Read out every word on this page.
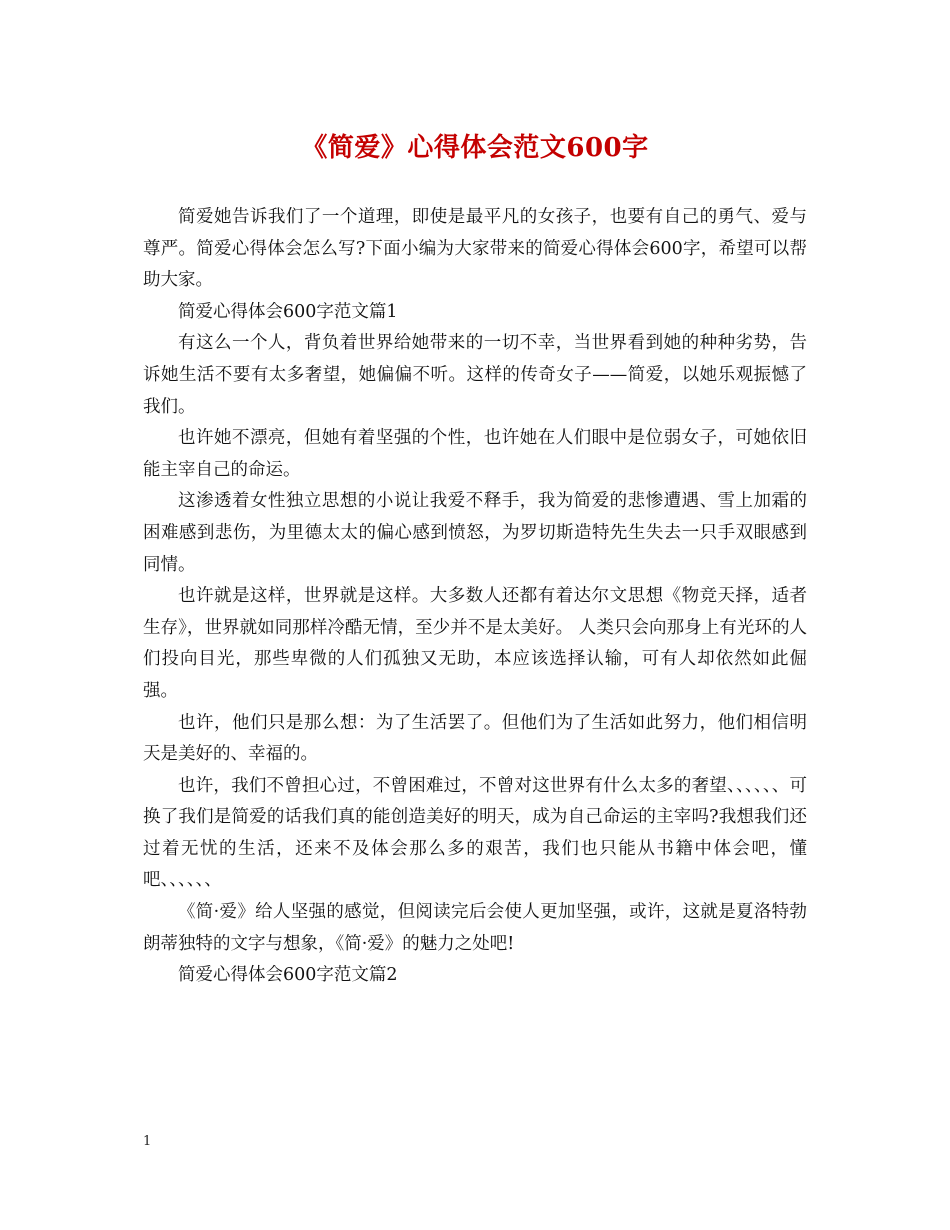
《简爱》心得体会范文600字

简爱她告诉我们了一个道理，即使是最平凡的女孩子，也要有自己的勇气、爱与尊严。简爱心得体会怎么写?下面小编为大家带来的简爱心得体会600字，希望可以帮助大家。

简爱心得体会600字范文篇1

有这么一个人，背负着世界给她带来的一切不幸，当世界看到她的种种劣势，告诉她生活不要有太多奢望，她偏偏不听。这样的传奇女子——简爱，以她乐观振憾了我们。

也许她不漂亮，但她有着坚强的个性，也许她在人们眼中是位弱女子，可她依旧能主宰自己的命运。

这渗透着女性独立思想的小说让我爱不释手，我为简爱的悲惨遭遇、雪上加霜的困难感到悲伤，为里德太太的偏心感到愤怒，为罗切斯造特先生失去一只手双眼感到同情。

也许就是这样，世界就是这样。大多数人还都有着达尔文思想《物竞天择，适者生存》，世界就如同那样冷酷无情，至少并不是太美好。 人类只会向那身上有光环的人们投向目光，那些卑微的人们孤独又无助，本应该选择认输，可有人却依然如此倔强。

也许，他们只是那么想：为了生活罢了。但他们为了生活如此努力，他们相信明天是美好的、幸福的。

也许，我们不曾担心过，不曾困难过，不曾对这世界有什么太多的奢望、、、、、、可换了我们是简爱的话我们真的能创造美好的明天，成为自己命运的主宰吗?我想我们还过着无忧的生活，还来不及体会那么多的艰苦，我们也只能从书籍中体会吧，懂吧、、、、、、

《简·爱》给人坚强的感觉，但阅读完后会使人更加坚强，或许，这就是夏洛特勃朗蒂独特的文字与想象，《简·爱》的魅力之处吧!

简爱心得体会600字范文篇2

1
